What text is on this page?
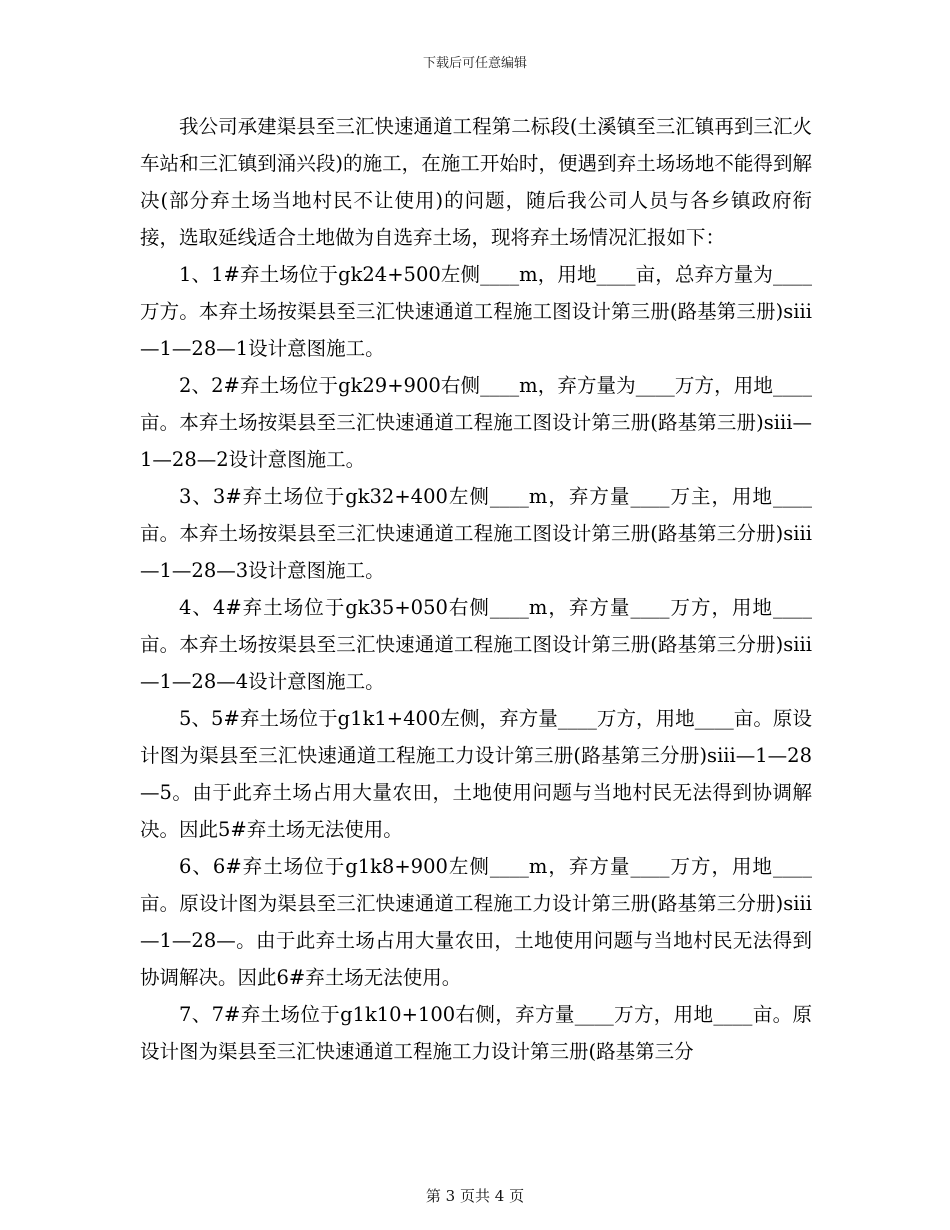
下载后可任意编辑

我公司承建渠县至三汇快速通道工程第二标段(土溪镇至三汇镇再到三汇火车站和三汇镇到涌兴段)的施工，在施工开始时，便遇到弃土场场地不能得到解决(部分弃土场当地村民不让使用)的问题，随后我公司人员与各乡镇政府衔接，选取延线适合土地做为自选弃土场，现将弃土场情况汇报如下：

1、1#弃土场位于gk24+500左侧____m，用地____亩，总弃方量为____万方。本弃土场按渠县至三汇快速通道工程施工图设计第三册(路基第三册)siii—1—28—1设计意图施工。

2、2#弃土场位于gk29+900右侧____m，弃方量为____万方，用地____亩。本弃土场按渠县至三汇快速通道工程施工图设计第三册(路基第三册)siii—1—28—2设计意图施工。

3、3#弃土场位于gk32+400左侧____m，弃方量____万主，用地____亩。本弃土场按渠县至三汇快速通道工程施工图设计第三册(路基第三分册)siii—1—28—3设计意图施工。

4、4#弃土场位于gk35+050右侧____m，弃方量____万方，用地____亩。本弃土场按渠县至三汇快速通道工程施工图设计第三册(路基第三分册)siii—1—28—4设计意图施工。

5、5#弃土场位于g1k1+400左侧，弃方量____万方，用地____亩。原设计图为渠县至三汇快速通道工程施工力设计第三册(路基第三分册)siii—1—28—5。由于此弃土场占用大量农田，土地使用问题与当地村民无法得到协调解决。因此5#弃土场无法使用。

6、6#弃土场位于g1k8+900左侧____m，弃方量____万方，用地____亩。原设计图为渠县至三汇快速通道工程施工力设计第三册(路基第三分册)siii—1—28—。由于此弃土场占用大量农田，土地使用问题与当地村民无法得到协调解决。因此6#弃土场无法使用。

7、7#弃土场位于g1k10+100右侧，弃方量____万方，用地____亩。原设计图为渠县至三汇快速通道工程施工力设计第三册(路基第三分

第 3 页共 4 页
